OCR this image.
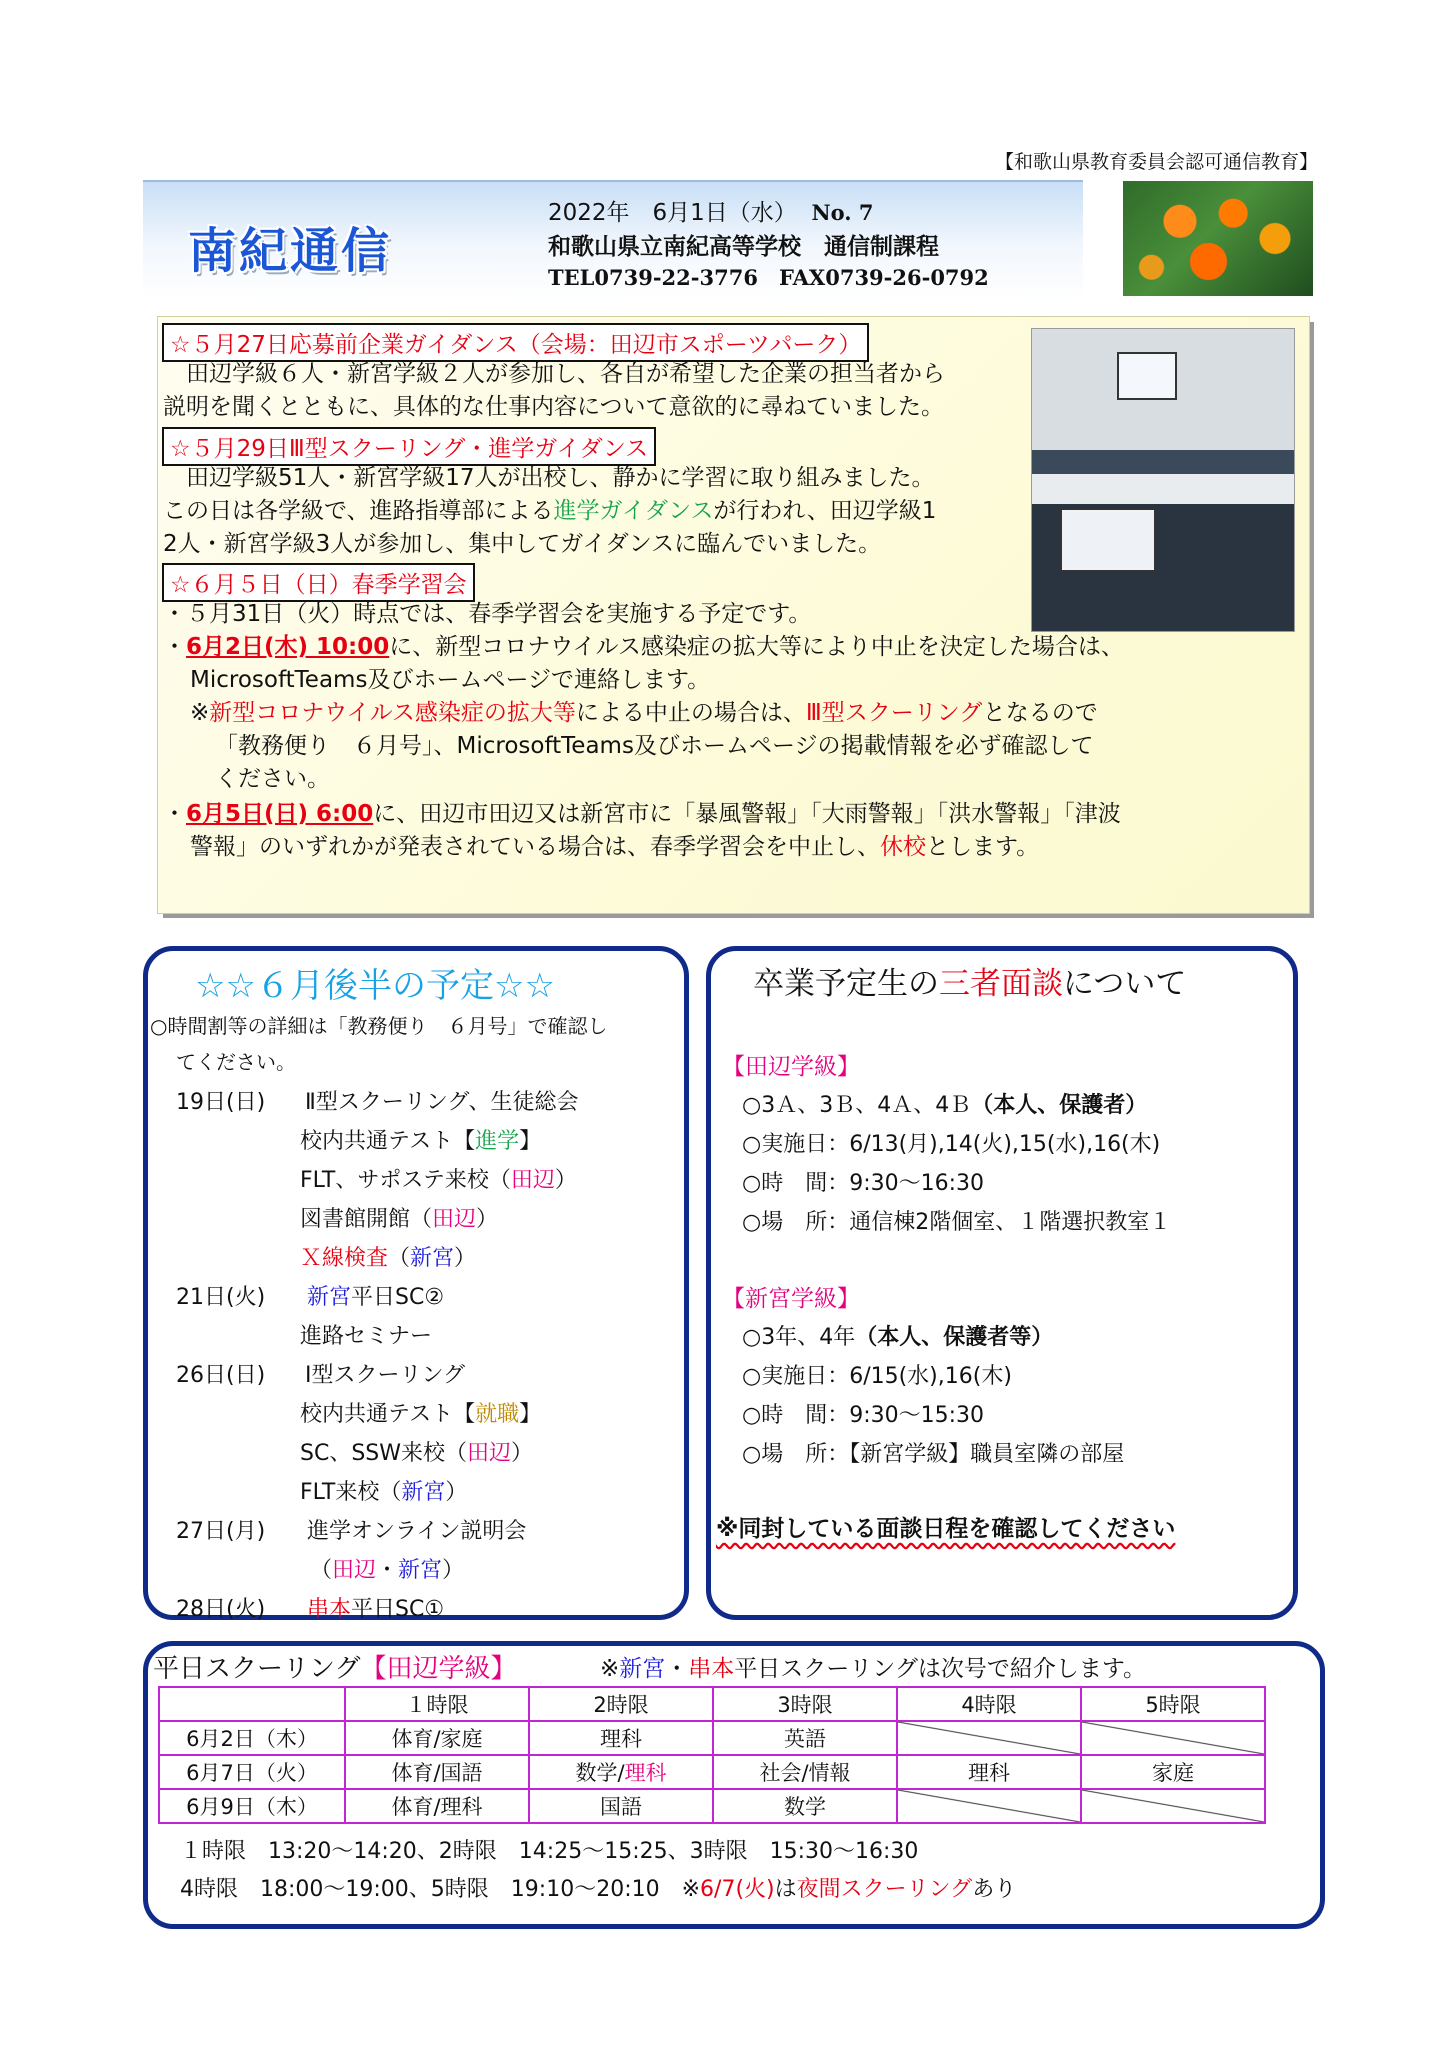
【和歌山県教育委員会認可通信教育】
南紀通信
2022年　6月1日（水） No. 7
和歌山県立南紀高等学校　通信制課程
TEL0739-22-3776　FAX0739-26-0792
☆５月27日応募前企業ガイダンス（会場：田辺市スポーツパーク）
　田辺学級６人・新宮学級２人が参加し、各自が希望した企業の担当者から
説明を聞くとともに、具体的な仕事内容について意欲的に尋ねていました。
☆５月29日Ⅲ型スクーリング・進学ガイダンス
　田辺学級51人・新宮学級17人が出校し、静かに学習に取り組みました。
この日は各学級で、進路指導部による進学ガイダンスが行われ、田辺学級1
2人・新宮学級3人が参加し、集中してガイダンスに臨んでいました。
☆６月５日（日）春季学習会
・５月31日（火）時点では、春季学習会を実施する予定です。
・6月2日(木) 10:00に、新型コロナウイルス感染症の拡大等により中止を決定した場合は、
MicrosoftTeams及びホームページで連絡します。
※新型コロナウイルス感染症の拡大等による中止の場合は、Ⅲ型スクーリングとなるので
「教務便り　６月号」、MicrosoftTeams及びホームページの掲載情報を必ず確認して
ください。
・6月5日(日) 6:00に、田辺市田辺又は新宮市に「暴風警報」「大雨警報」「洪水警報」「津波
警報」のいずれかが発表されている場合は、春季学習会を中止し、休校とします。
☆☆６月後半の予定☆☆
○時間割等の詳細は「教務便り　６月号」で確認し
てください。
19日(日) Ⅱ型スクーリング、生徒総会
校内共通テスト【進学】
FLT、サポステ来校（田辺）
図書館開館（田辺）
Ｘ線検査（新宮）
21日(火) 新宮平日SC②
進路セミナー
26日(日) Ⅰ型スクーリング
校内共通テスト【就職】
SC、SSW来校（田辺）
FLT来校（新宮）
27日(月) 進学オンライン説明会
（田辺・新宮）
28日(火) 串本平日SC①
卒業予定生の三者面談について
【田辺学級】
○3Ａ、3Ｂ、4Ａ、4Ｂ（本人、保護者）
○実施日：6/13(月),14(火),15(水),16(木)
○時　間：9:30～16:30
○場　所：通信棟2階個室、１階選択教室１
【新宮学級】
○3年、4年（本人、保護者等）
○実施日：6/15(水),16(木)
○時　間：9:30～15:30
○場　所：【新宮学級】職員室隣の部屋
※同封している面談日程を確認してください
平日スクーリング【田辺学級】	※新宮・串本平日スクーリングは次号で紹介します。
	１時限	2時限	3時限	4時限	5時限
6月2日（木）	体育/家庭	理科	英語		
6月7日（火）	体育/国語	数学/理科	社会/情報	理科	家庭
6月9日（木）	体育/理科	国語	数学		
１時限　13:20～14:20、2時限　14:25～15:25、3時限　15:30～16:30
4時限　18:00～19:00、5時限　19:10～20:10　※6/7(火)は夜間スクーリングあり
